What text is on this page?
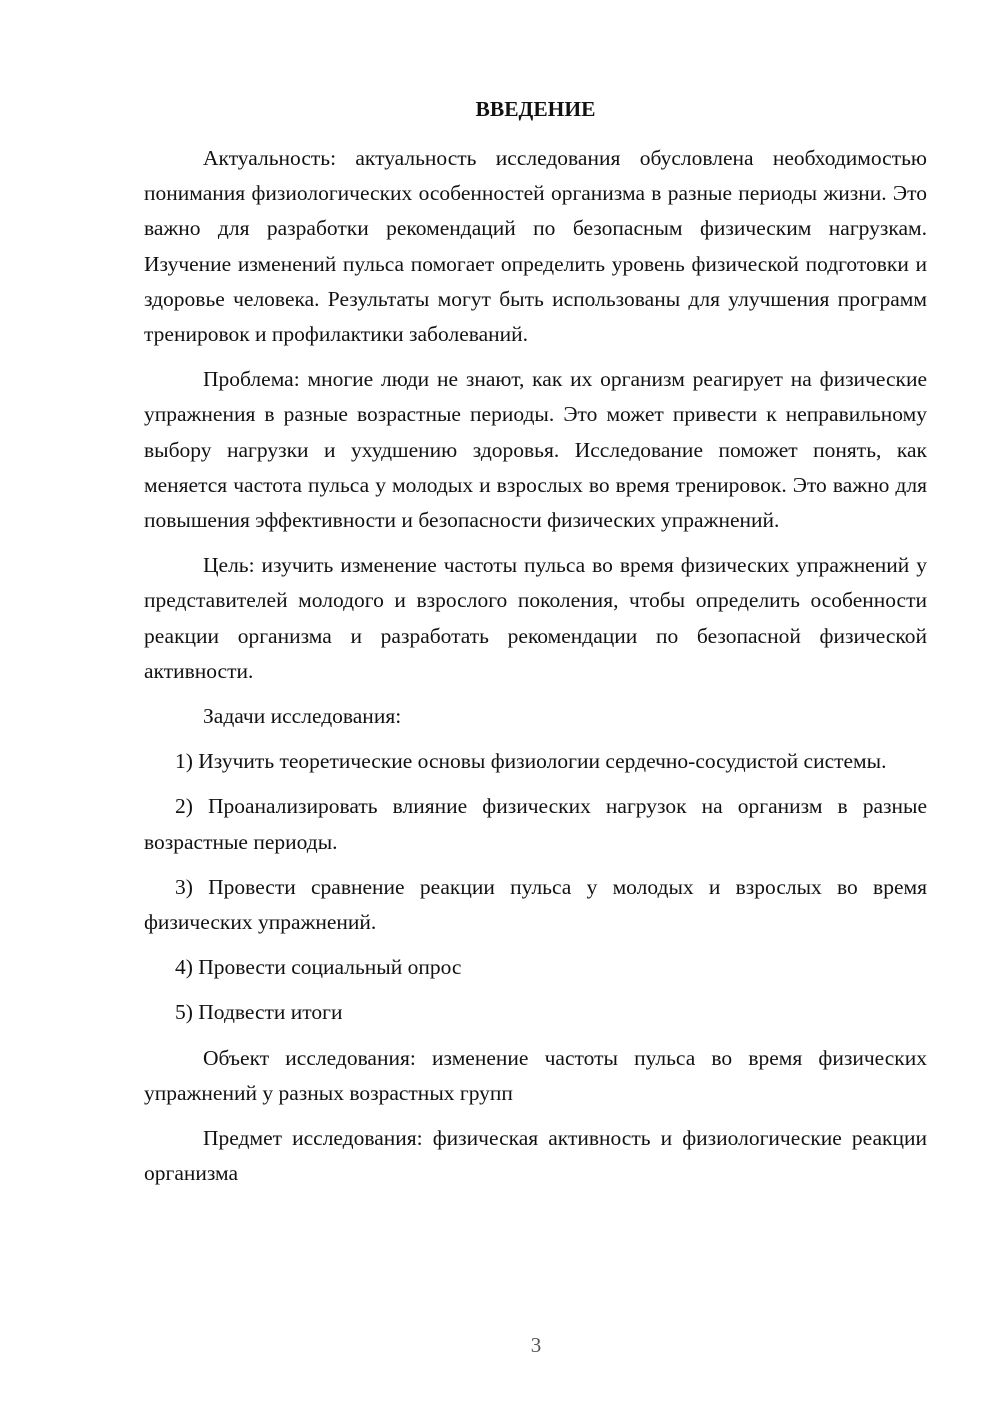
ВВЕДЕНИЕ

Актуальность: актуальность исследования обусловлена необходимостью понимания физиологических особенностей организма в разные периоды жизни. Это важно для разработки рекомендаций по безопасным физическим нагрузкам. Изучение изменений пульса помогает определить уровень физической подготовки и здоровье человека. Результаты могут быть использованы для улучшения программ тренировок и профилактики заболеваний.

Проблема: многие люди не знают, как их организм реагирует на физические упражнения в разные возрастные периоды. Это может привести к неправильному выбору нагрузки и ухудшению здоровья. Исследование поможет понять, как меняется частота пульса у молодых и взрослых во время тренировок. Это важно для повышения эффективности и безопасности физических упражнений.

Цель: изучить изменение частоты пульса во время физических упражнений у представителей молодого и взрослого поколения, чтобы определить особенности реакции организма и разработать рекомендации по безопасной физической активности.

Задачи исследования:

1) Изучить теоретические основы физиологии сердечно-сосудистой системы.

2) Проанализировать влияние физических нагрузок на организм в разные возрастные периоды.

3) Провести сравнение реакции пульса у молодых и взрослых во время физических упражнений.

4) Провести социальный опрос

5) Подвести итоги

Объект исследования: изменение частоты пульса во время физических упражнений у разных возрастных групп

Предмет исследования: физическая активность и физиологические реакции организма

3
